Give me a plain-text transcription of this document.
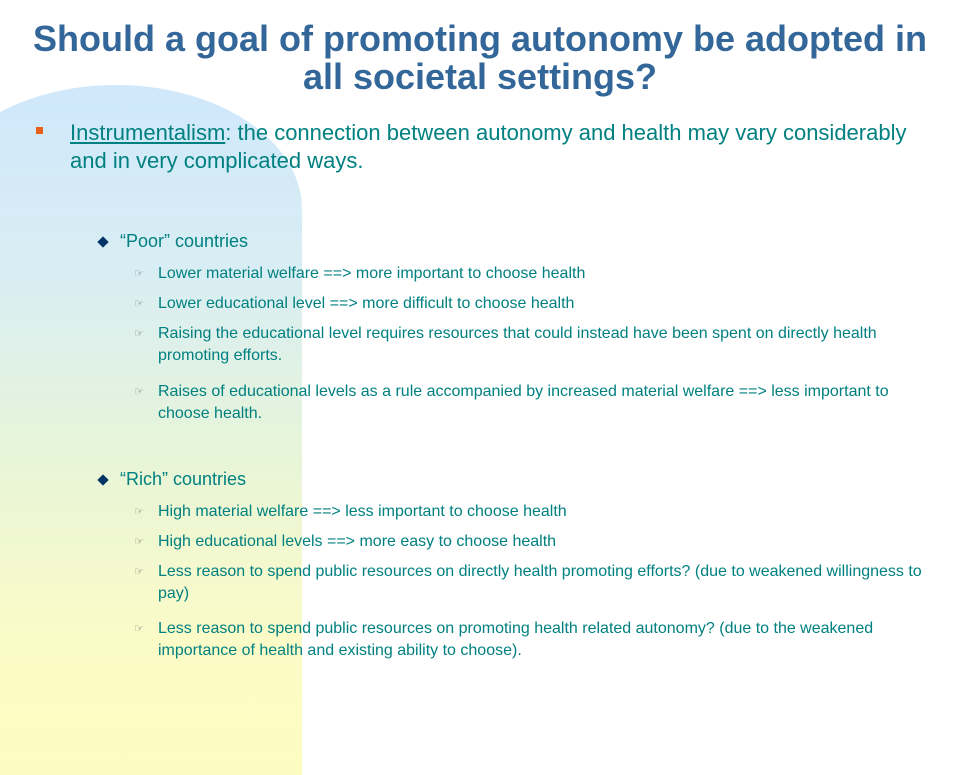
Should a goal of promoting autonomy be adopted in all societal settings?
Instrumentalism: the connection between autonomy and health may vary considerably and in very complicated ways.
“Poor” countries
☞ Lower material welfare ==> more important to choose health
☞ Lower educational level ==> more difficult to choose health
☞ Raising the educational level requires resources that could instead have been spent on directly health promoting efforts.
☞ Raises of educational levels as a rule accompanied by increased material welfare ==> less important to choose health.
“Rich” countries
☞ High material welfare ==> less important to choose health
☞ High educational levels ==> more easy to choose health
☞ Less reason to spend public resources on directly health promoting efforts? (due to weakened willingness to pay)
☞ Less reason to spend public resources on promoting health related autonomy? (due to the weakened importance of health and existing ability to choose).
